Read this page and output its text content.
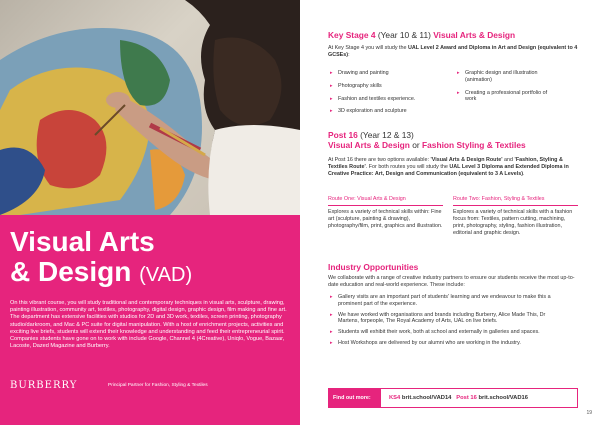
Visual Arts
& Design (VAD)

On this vibrant course, you will study traditional and contemporary techniques in visual arts, sculpture, drawing, painting illustration, community art, textiles, photography, digital design, graphic design, film making and fine art. The department has extensive facilities with studios for 2D and 3D work, textiles, screen printing, photography studio/darkroom, and Mac & PC suite for digital manipulation. With a host of enrichment projects, activities and exciting live briefs, students will extend their knowledge and understanding and feed their entrepreneurial spirit. Companies students have gone on to work with include Google, Channel 4 (4Creative), Uniqlo, Vogue, Bazaar, Lacoste, Dazed Magazine and Burberry.

BURBERRY	Principal Partner for Fashion, Styling & Textiles
Key Stage 4 (Year 10 & 11) Visual Arts & Design

At Key Stage 4 you will study the UAL Level 2 Award and Diploma in Art and Design (equivalent to 4 GCSEs):

▸ Drawing and painting
▸ Photography skills
▸ Fashion and textiles experience.
▸ 3D exploration and sculpture
▸ Graphic design and illustration (animation)
▸ Creating a professional portfolio of work
Post 16 (Year 12 & 13)
Visual Arts & Design or Fashion Styling & Textiles

At Post 16 there are two options available: 'Visual Arts & Design Route' and 'Fashion, Styling & Textiles Route'. For both routes you will study the UAL Level 3 Diploma and Extended Diploma in Creative Practice: Art, Design and Communication (equivalent to 3 A Levels).

Route One: Visual Arts & Design

Explores a variety of technical skills within: Fine art (sculpture, painting & drawing), photography/film, print, graphics and illustration.

Route Two: Fashion, Styling & Textiles

Explores a variety of technical skills with a fashion focus from: Textiles, pattern cutting, machining, print, photography, styling, fashion illustration, editorial and graphic design.

Industry Opportunities

We collaborate with a range of creative industry partners to ensure our students receive the most up-to-date education and real-world experience. These include:

▸ Gallery visits are an important part of students' learning and we endeavour to make this a prominent part of the experience.
▸ We have worked with organisations and brands including Burberry, Alice Made This, Dr Martens, forpeople, The Royal Academy of Arts, UAL on live briefs.
▸ Students will exhibit their work, both at school and externally in galleries and spaces.
▸ Host Workshops are delivered by our alumni who are working in the industry.
Find out more:	KS4 brit.school/VAD14 Post 16 brit.school/VAD16
19
